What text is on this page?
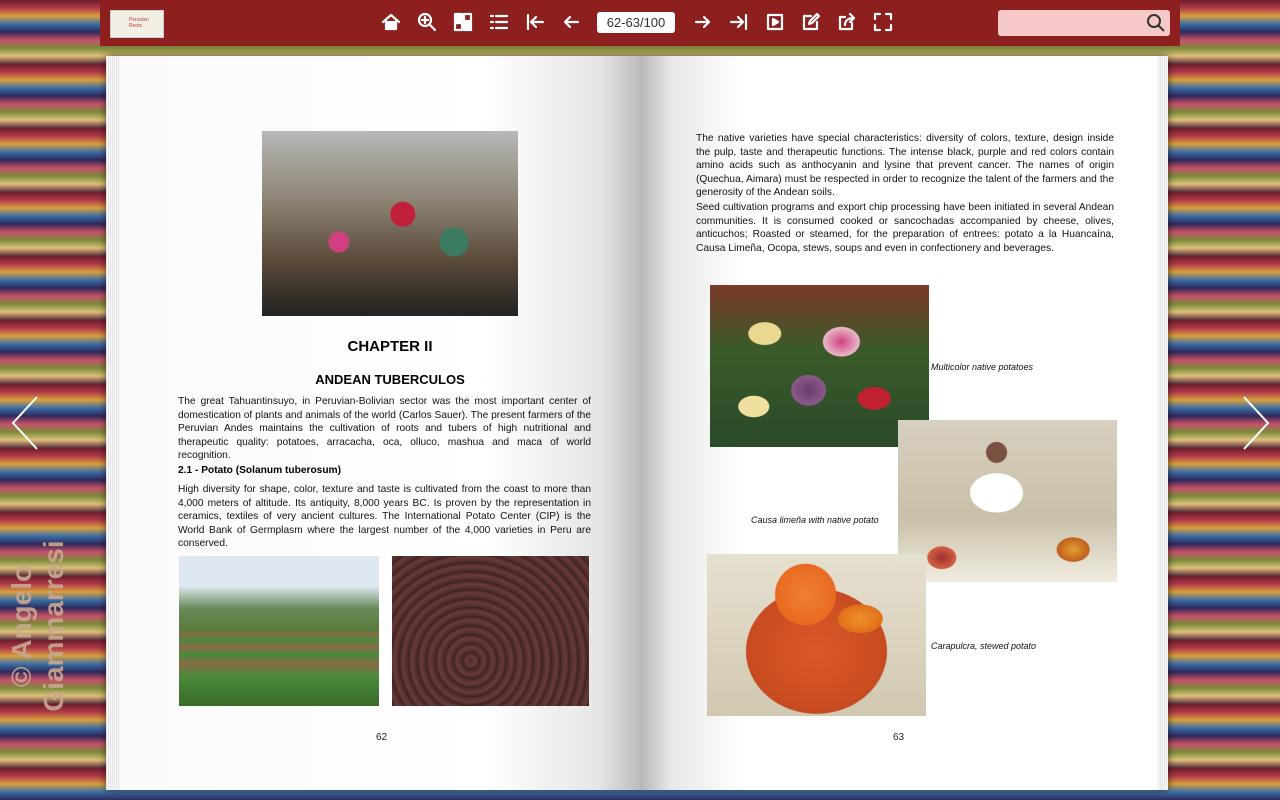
© Angelo Giammarresi
Peruvian Roots	62-63/100
CHAPTER II
ANDEAN TUBERCULOS
The great Tahuantinsuyo, in Peruvian-Bolivian sector was the most important center of domestication of plants and animals of the world (Carlos Sauer). The present farmers of the Peruvian Andes maintains the cultivation of roots and tubers of high nutritional and therapeutic quality: potatoes, arracacha, oca, olluco, mashua and maca of world recognition.
2.1 - Potato (Solanum tuberosum)
High diversity for shape, color, texture and taste is cultivated from the coast to more than 4,000 meters of altitude. Its antiquity, 8,000 years BC. Is proven by the representation in ceramics, textiles of very ancient cultures. The International Potato Center (CIP) is the World Bank of Germplasm where the largest number of the 4,000 varieties in Peru are conserved.
62
The native varieties have special characteristics: diversity of colors, texture, design inside the pulp, taste and therapeutic functions. The intense black, purple and red colors contain amino acids such as anthocyanin and lysine that prevent cancer. The names of origin (Quechua, Aimara) must be respected in order to recognize the talent of the farmers and the generosity of the Andean soils.
Seed cultivation programs and export chip processing have been initiated in several Andean communities. It is consumed cooked or sancochadas accompanied by cheese, olives, anticuchos; Roasted or steamed, for the preparation of entrees: potato a la Huancaína, Causa Limeña, Ocopa, stews, soups and even in confectionery and beverages.
Multicolor native potatoes
Causa limeña with native potato
Carapulcra, stewed potato
63
